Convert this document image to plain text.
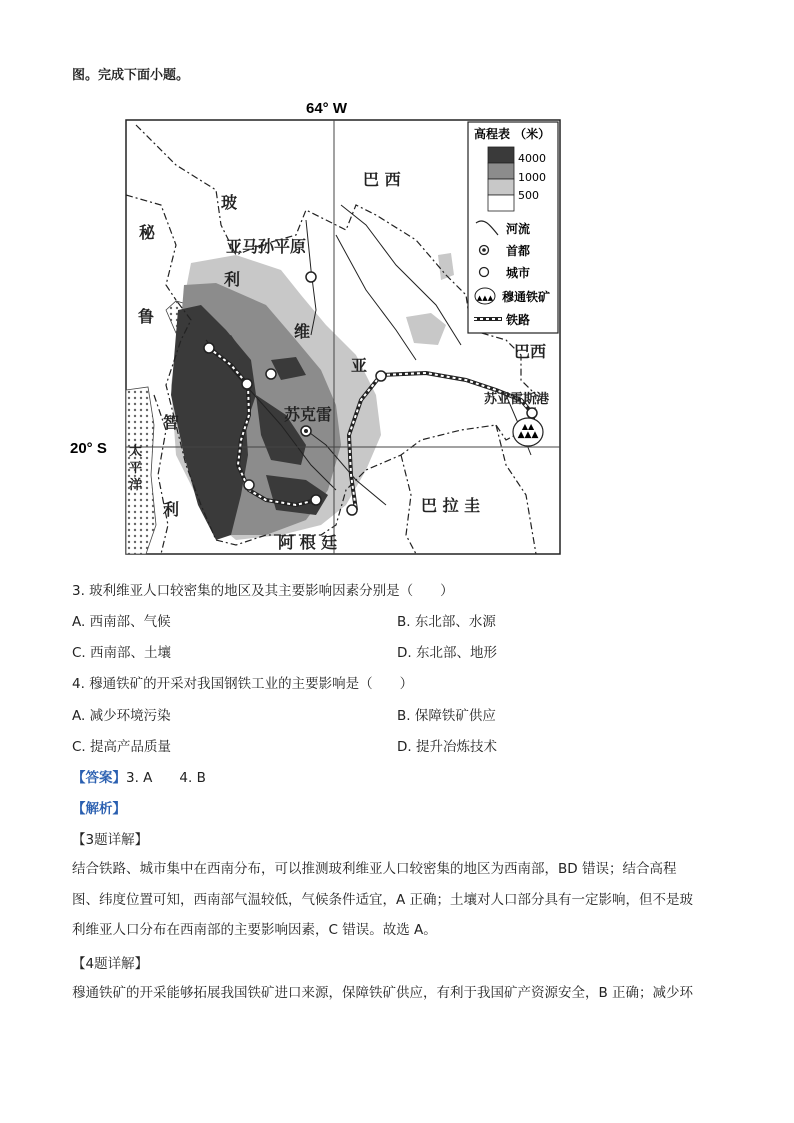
图。完成下面小题。
64° W
20° S
▲▲▲
▲▲
巴 西
玻
亚马孙平原
利
维
亚
秘
鲁
智
利
苏克雷
巴 拉 圭
阿 根 廷
巴西
太
平
洋
苏亚雷斯港
高程表 （米）
4000
1000
500
河流
首都
城市
▲▲▲ 穆通铁矿
铁路
3. 玻利维亚人口较密集的地区及其主要影响因素分别是（　　）
A. 西南部、气候	B. 东北部、水源
C. 西南部、土壤	D. 东北部、地形
4. 穆通铁矿的开采对我国钢铁工业的主要影响是（　　）
A. 减少环境污染	B. 保障铁矿供应
C. 提高产品质量	D. 提升冶炼技术
【答案】3. A　　4. B
【解析】
【3题详解】
结合铁路、城市集中在西南分布，可以推测玻利维亚人口较密集的地区为西南部，BD 错误；结合高程
图、纬度位置可知，西南部气温较低，气候条件适宜，A 正确；土壤对人口部分具有一定影响，但不是玻
利维亚人口分布在西南部的主要影响因素，C 错误。故选 A。
【4题详解】
穆通铁矿的开采能够拓展我国铁矿进口来源，保障铁矿供应，有利于我国矿产资源安全，B 正确；减少环
